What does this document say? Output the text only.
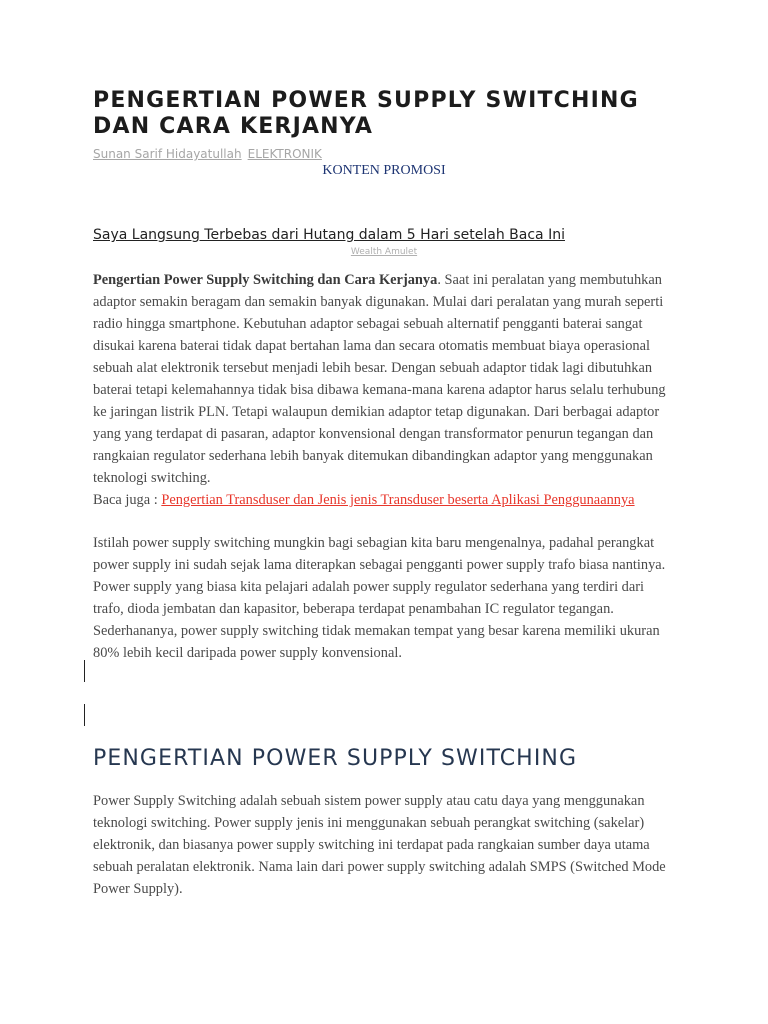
PENGERTIAN POWER SUPPLY SWITCHING DAN CARA KERJANYA
Sunan Sarif Hidayatullah ELEKTRONIK
KONTEN PROMOSI
Saya Langsung Terbebas dari Hutang dalam 5 Hari setelah Baca Ini
Wealth Amulet

Pengertian Power Supply Switching dan Cara Kerjanya. Saat ini peralatan yang membutuhkan adaptor semakin beragam dan semakin banyak digunakan. Mulai dari peralatan yang murah seperti radio hingga smartphone. Kebutuhan adaptor sebagai sebuah alternatif pengganti baterai sangat disukai karena baterai tidak dapat bertahan lama dan secara otomatis membuat biaya operasional sebuah alat elektronik tersebut menjadi lebih besar. Dengan sebuah adaptor tidak lagi dibutuhkan baterai tetapi kelemahannya tidak bisa dibawa kemana-mana karena adaptor harus selalu terhubung ke jaringan listrik PLN. Tetapi walaupun demikian adaptor tetap digunakan. Dari berbagai adaptor yang yang terdapat di pasaran, adaptor konvensional dengan transformator penurun tegangan dan rangkaian regulator sederhana lebih banyak ditemukan dibandingkan adaptor yang menggunakan teknologi switching.
Baca juga : Pengertian Transduser dan Jenis jenis Transduser beserta Aplikasi Penggunaannya

Istilah power supply switching mungkin bagi sebagian kita baru mengenalnya, padahal perangkat power supply ini sudah sejak lama diterapkan sebagai pengganti power supply trafo biasa nantinya. Power supply yang biasa kita pelajari adalah power supply regulator sederhana yang terdiri dari trafo, dioda jembatan dan kapasitor, beberapa terdapat penambahan IC regulator tegangan. Sederhananya, power supply switching tidak memakan tempat yang besar karena memiliki ukuran 80% lebih kecil daripada power supply konvensional.

PENGERTIAN POWER SUPPLY SWITCHING

Power Supply Switching adalah sebuah sistem power supply atau catu daya yang menggunakan teknologi switching. Power supply jenis ini menggunakan sebuah perangkat switching (sakelar) elektronik, dan biasanya power supply switching ini terdapat pada rangkaian sumber daya utama sebuah peralatan elektronik. Nama lain dari power supply switching adalah SMPS (Switched Mode Power Supply).
